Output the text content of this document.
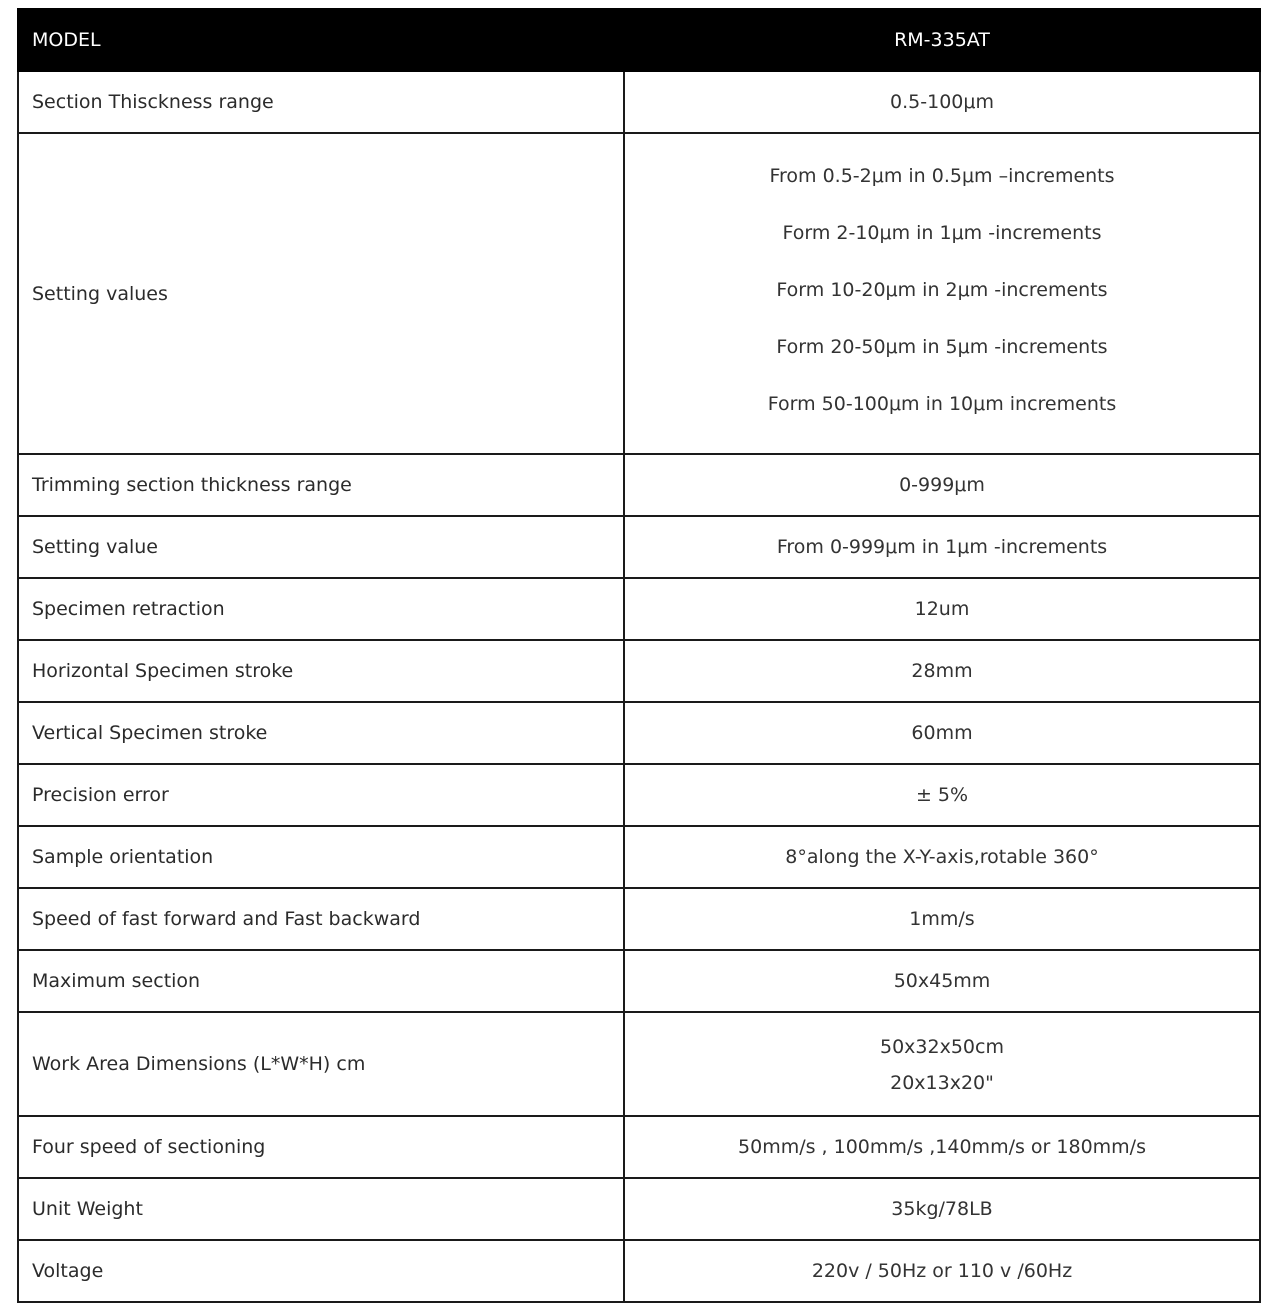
MODEL	RM-335AT
Section Thisckness range	0.5-100μm
Setting values	From 0.5-2μm in 0.5μm –increments
Form 2-10μm in 1μm -increments
Form 10-20μm in 2μm -increments
Form 20-50μm in 5μm -increments
Form 50-100μm in 10μm increments

Trimming section thickness range	0-999μm
Setting value	From 0-999μm in 1μm -increments
Specimen retraction	12um
Horizontal Specimen stroke	28mm
Vertical Specimen stroke	60mm
Precision error	± 5%
Sample orientation	8°along the X-Y-axis,rotable 360°
Speed of fast forward and Fast backward	1mm/s
Maximum section	50x45mm
Work Area Dimensions (L*W*H) cm	50x32x50cm
20x13x20"

Four speed of sectioning	50mm/s , 100mm/s ,140mm/s or 180mm/s
Unit Weight	35kg/78LB
Voltage	220v / 50Hz or 110 v /60Hz
